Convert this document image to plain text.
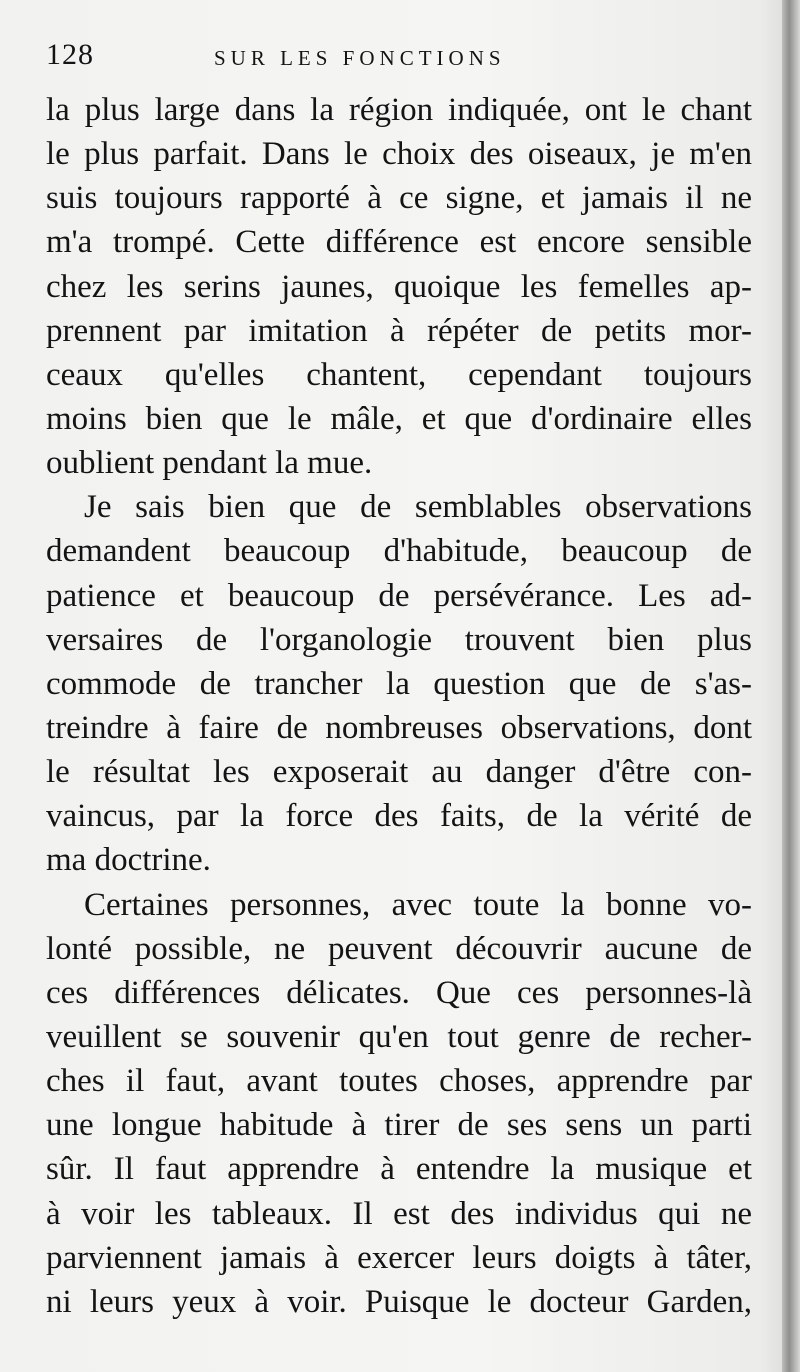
128	SUR LES FONCTIONS
la plus large dans la région indiquée, ont le chant
le plus parfait. Dans le choix des oiseaux, je m'en
suis toujours rapporté à ce signe, et jamais il ne
m'a trompé. Cette différence est encore sensible
chez les serins jaunes, quoique les femelles ap-
prennent par imitation à répéter de petits mor-
ceaux qu'elles chantent, cependant toujours
moins bien que le mâle, et que d'ordinaire elles
oublient pendant la mue.
Je sais bien que de semblables observations
demandent beaucoup d'habitude, beaucoup de
patience et beaucoup de persévérance. Les ad-
versaires de l'organologie trouvent bien plus
commode de trancher la question que de s'as-
treindre à faire de nombreuses observations, dont
le résultat les exposerait au danger d'être con-
vaincus, par la force des faits, de la vérité de
ma doctrine.
Certaines personnes, avec toute la bonne vo-
lonté possible, ne peuvent découvrir aucune de
ces différences délicates. Que ces personnes-là
veuillent se souvenir qu'en tout genre de recher-
ches il faut, avant toutes choses, apprendre par
une longue habitude à tirer de ses sens un parti
sûr. Il faut apprendre à entendre la musique et
à voir les tableaux. Il est des individus qui ne
parviennent jamais à exercer leurs doigts à tâter,
ni leurs yeux à voir. Puisque le docteur Garden,
